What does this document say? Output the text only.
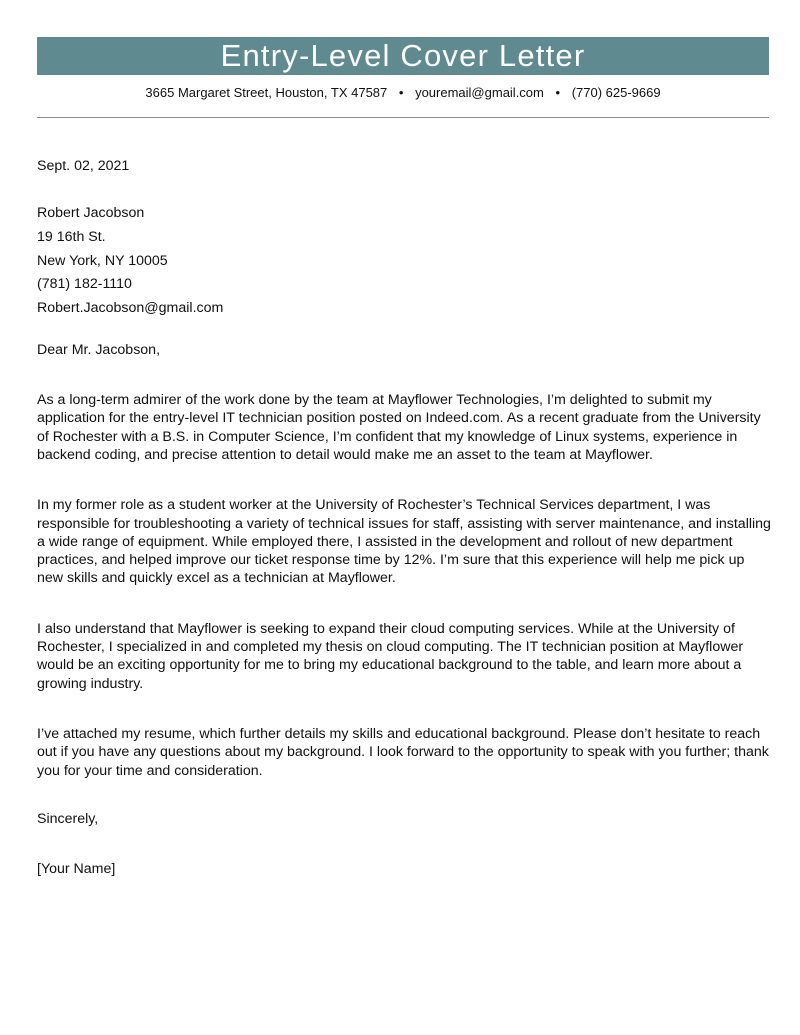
Entry-Level Cover Letter
3665 Margaret Street, Houston, TX 47587 • youremail@gmail.com • (770) 625-9669
Sept. 02, 2021
Robert Jacobson
19 16th St.
New York, NY 10005
(781) 182-1110
Robert.Jacobson@gmail.com
Dear Mr. Jacobson,

As a long-term admirer of the work done by the team at Mayflower Technologies, I’m delighted to submit my application for the entry-level IT technician position posted on Indeed.com. As a recent graduate from the University of Rochester with a B.S. in Computer Science, I’m confident that my knowledge of Linux systems, experience in backend coding, and precise attention to detail would make me an asset to the team at Mayflower.

In my former role as a student worker at the University of Rochester’s Technical Services department, I was responsible for troubleshooting a variety of technical issues for staff, assisting with server maintenance, and installing a wide range of equipment. While employed there, I assisted in the development and rollout of new department practices, and helped improve our ticket response time by 12%. I’m sure that this experience will help me pick up new skills and quickly excel as a technician at Mayflower.

I also understand that Mayflower is seeking to expand their cloud computing services. While at the University of Rochester, I specialized in and completed my thesis on cloud computing. The IT technician position at Mayflower would be an exciting opportunity for me to bring my educational background to the table, and learn more about a growing industry.

I’ve attached my resume, which further details my skills and educational background. Please don’t hesitate to reach out if you have any questions about my background. I look forward to the opportunity to speak with you further; thank you for your time and consideration.

Sincerely,
[Your Name]
